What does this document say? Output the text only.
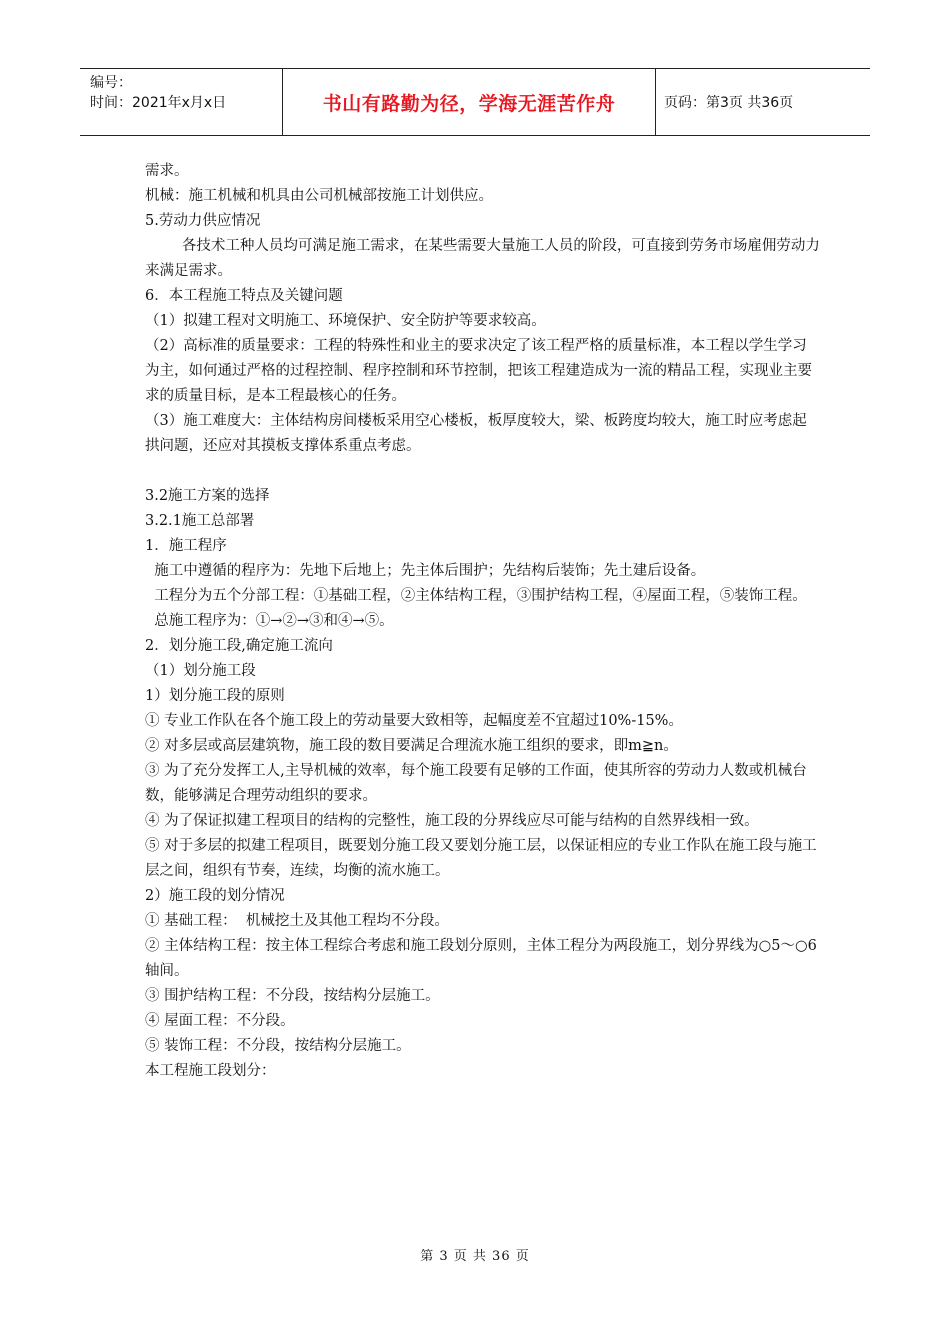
编号：
时间：2021年x月x日	书山有路勤为径，学海无涯苦作舟	页码：第3页 共36页

需求。

机械：施工机械和机具由公司机械部按施工计划供应。

5.劳动力供应情况

各技术工种人员均可满足施工需求，在某些需要大量施工人员的阶段，可直接到劳务市场雇佣劳动力来满足需求。

6．本工程施工特点及关键问题

（1）拟建工程对文明施工、环境保护、安全防护等要求较高。

（2）高标准的质量要求：工程的特殊性和业主的要求决定了该工程严格的质量标准，本工程以学生学习为主，如何通过严格的过程控制、程序控制和环节控制，把该工程建造成为一流的精品工程，实现业主要求的质量目标，是本工程最核心的任务。

（3）施工难度大：主体结构房间楼板采用空心楼板，板厚度较大，梁、板跨度均较大，施工时应考虑起拱问题，还应对其摸板支撑体系重点考虑。

3.2施工方案的选择

3.2.1施工总部署

1．施工程序

施工中遵循的程序为：先地下后地上；先主体后围护；先结构后装饰；先土建后设备。

工程分为五个分部工程：①基础工程，②主体结构工程，③围护结构工程，④屋面工程，⑤装饰工程。

总施工程序为：①→②→③和④→⑤。

2．划分施工段,确定施工流向

（1）划分施工段

1）划分施工段的原则

① 专业工作队在各个施工段上的劳动量要大致相等，起幅度差不宜超过10%-15%。

② 对多层或高层建筑物，施工段的数目要满足合理流水施工组织的要求，即m≧n。

③ 为了充分发挥工人,主导机械的效率，每个施工段要有足够的工作面，使其所容的劳动力人数或机械台数，能够满足合理劳动组织的要求。

④ 为了保证拟建工程项目的结构的完整性，施工段的分界线应尽可能与结构的自然界线相一致。

⑤ 对于多层的拟建工程项目，既要划分施工段又要划分施工层，以保证相应的专业工作队在施工段与施工层之间，组织有节奏，连续，均衡的流水施工。

2）施工段的划分情况

① 基础工程：  机械挖土及其他工程均不分段。

② 主体结构工程：按主体工程综合考虑和施工段划分原则，主体工程分为两段施工，划分界线为○5～○6轴间。

③ 围护结构工程：不分段，按结构分层施工。

④ 屋面工程：不分段。

⑤ 装饰工程：不分段，按结构分层施工。

本工程施工段划分：

第 3 页 共 36 页
